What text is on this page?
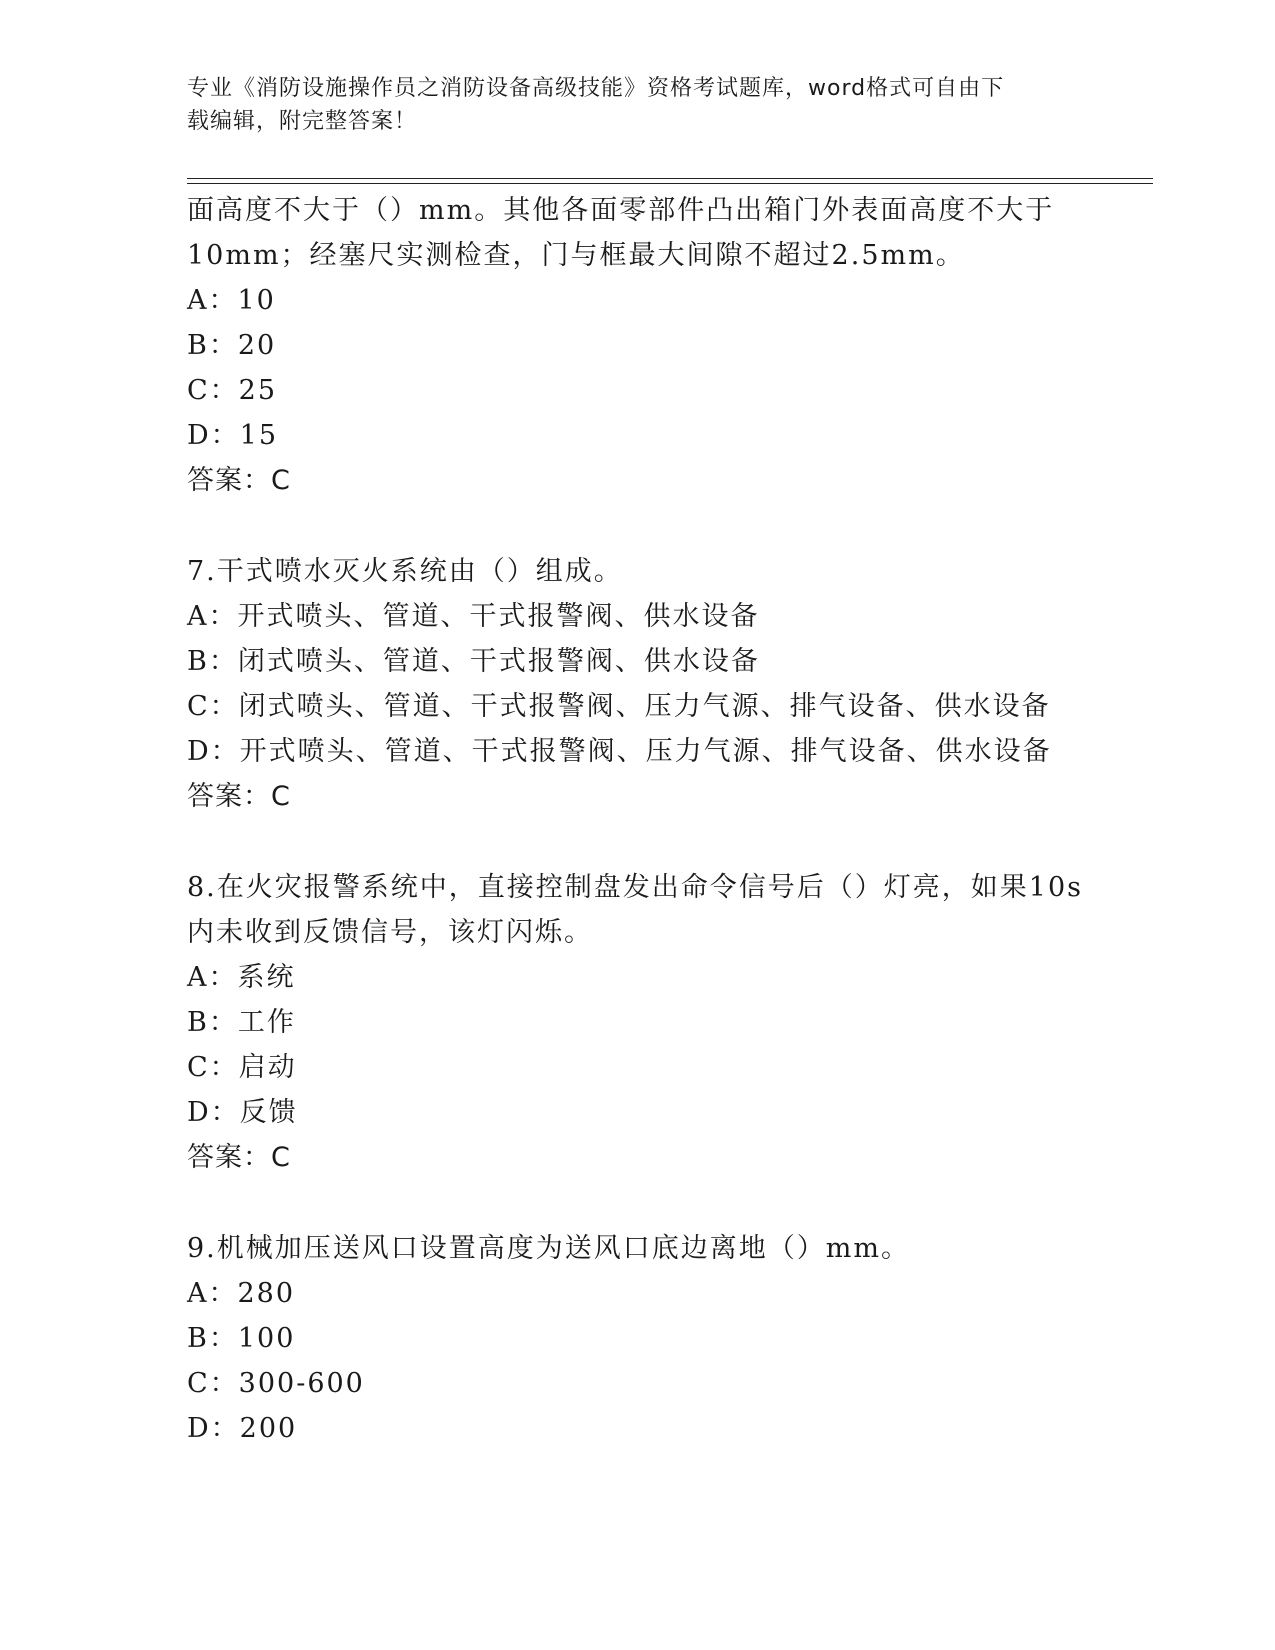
专业《消防设施操作员之消防设备高级技能》资格考试题库，word格式可自由下
载编辑，附完整答案！
面高度不大于（）mm。其他各面零部件凸出箱门外表面高度不大于
10mm；经塞尺实测检查，门与框最大间隙不超过2.5mm。
A：10
B：20
C：25
D：15
答案：C
7.干式喷水灭火系统由（）组成。
A：开式喷头、管道、干式报警阀、供水设备
B：闭式喷头、管道、干式报警阀、供水设备
C：闭式喷头、管道、干式报警阀、压力气源、排气设备、供水设备
D：开式喷头、管道、干式报警阀、压力气源、排气设备、供水设备
答案：C
8.在火灾报警系统中，直接控制盘发出命令信号后（）灯亮，如果10s
内未收到反馈信号，该灯闪烁。
A：系统
B：工作
C：启动
D：反馈
答案：C
9.机械加压送风口设置高度为送风口底边离地（）mm。
A：280
B：100
C：300-600
D：200
